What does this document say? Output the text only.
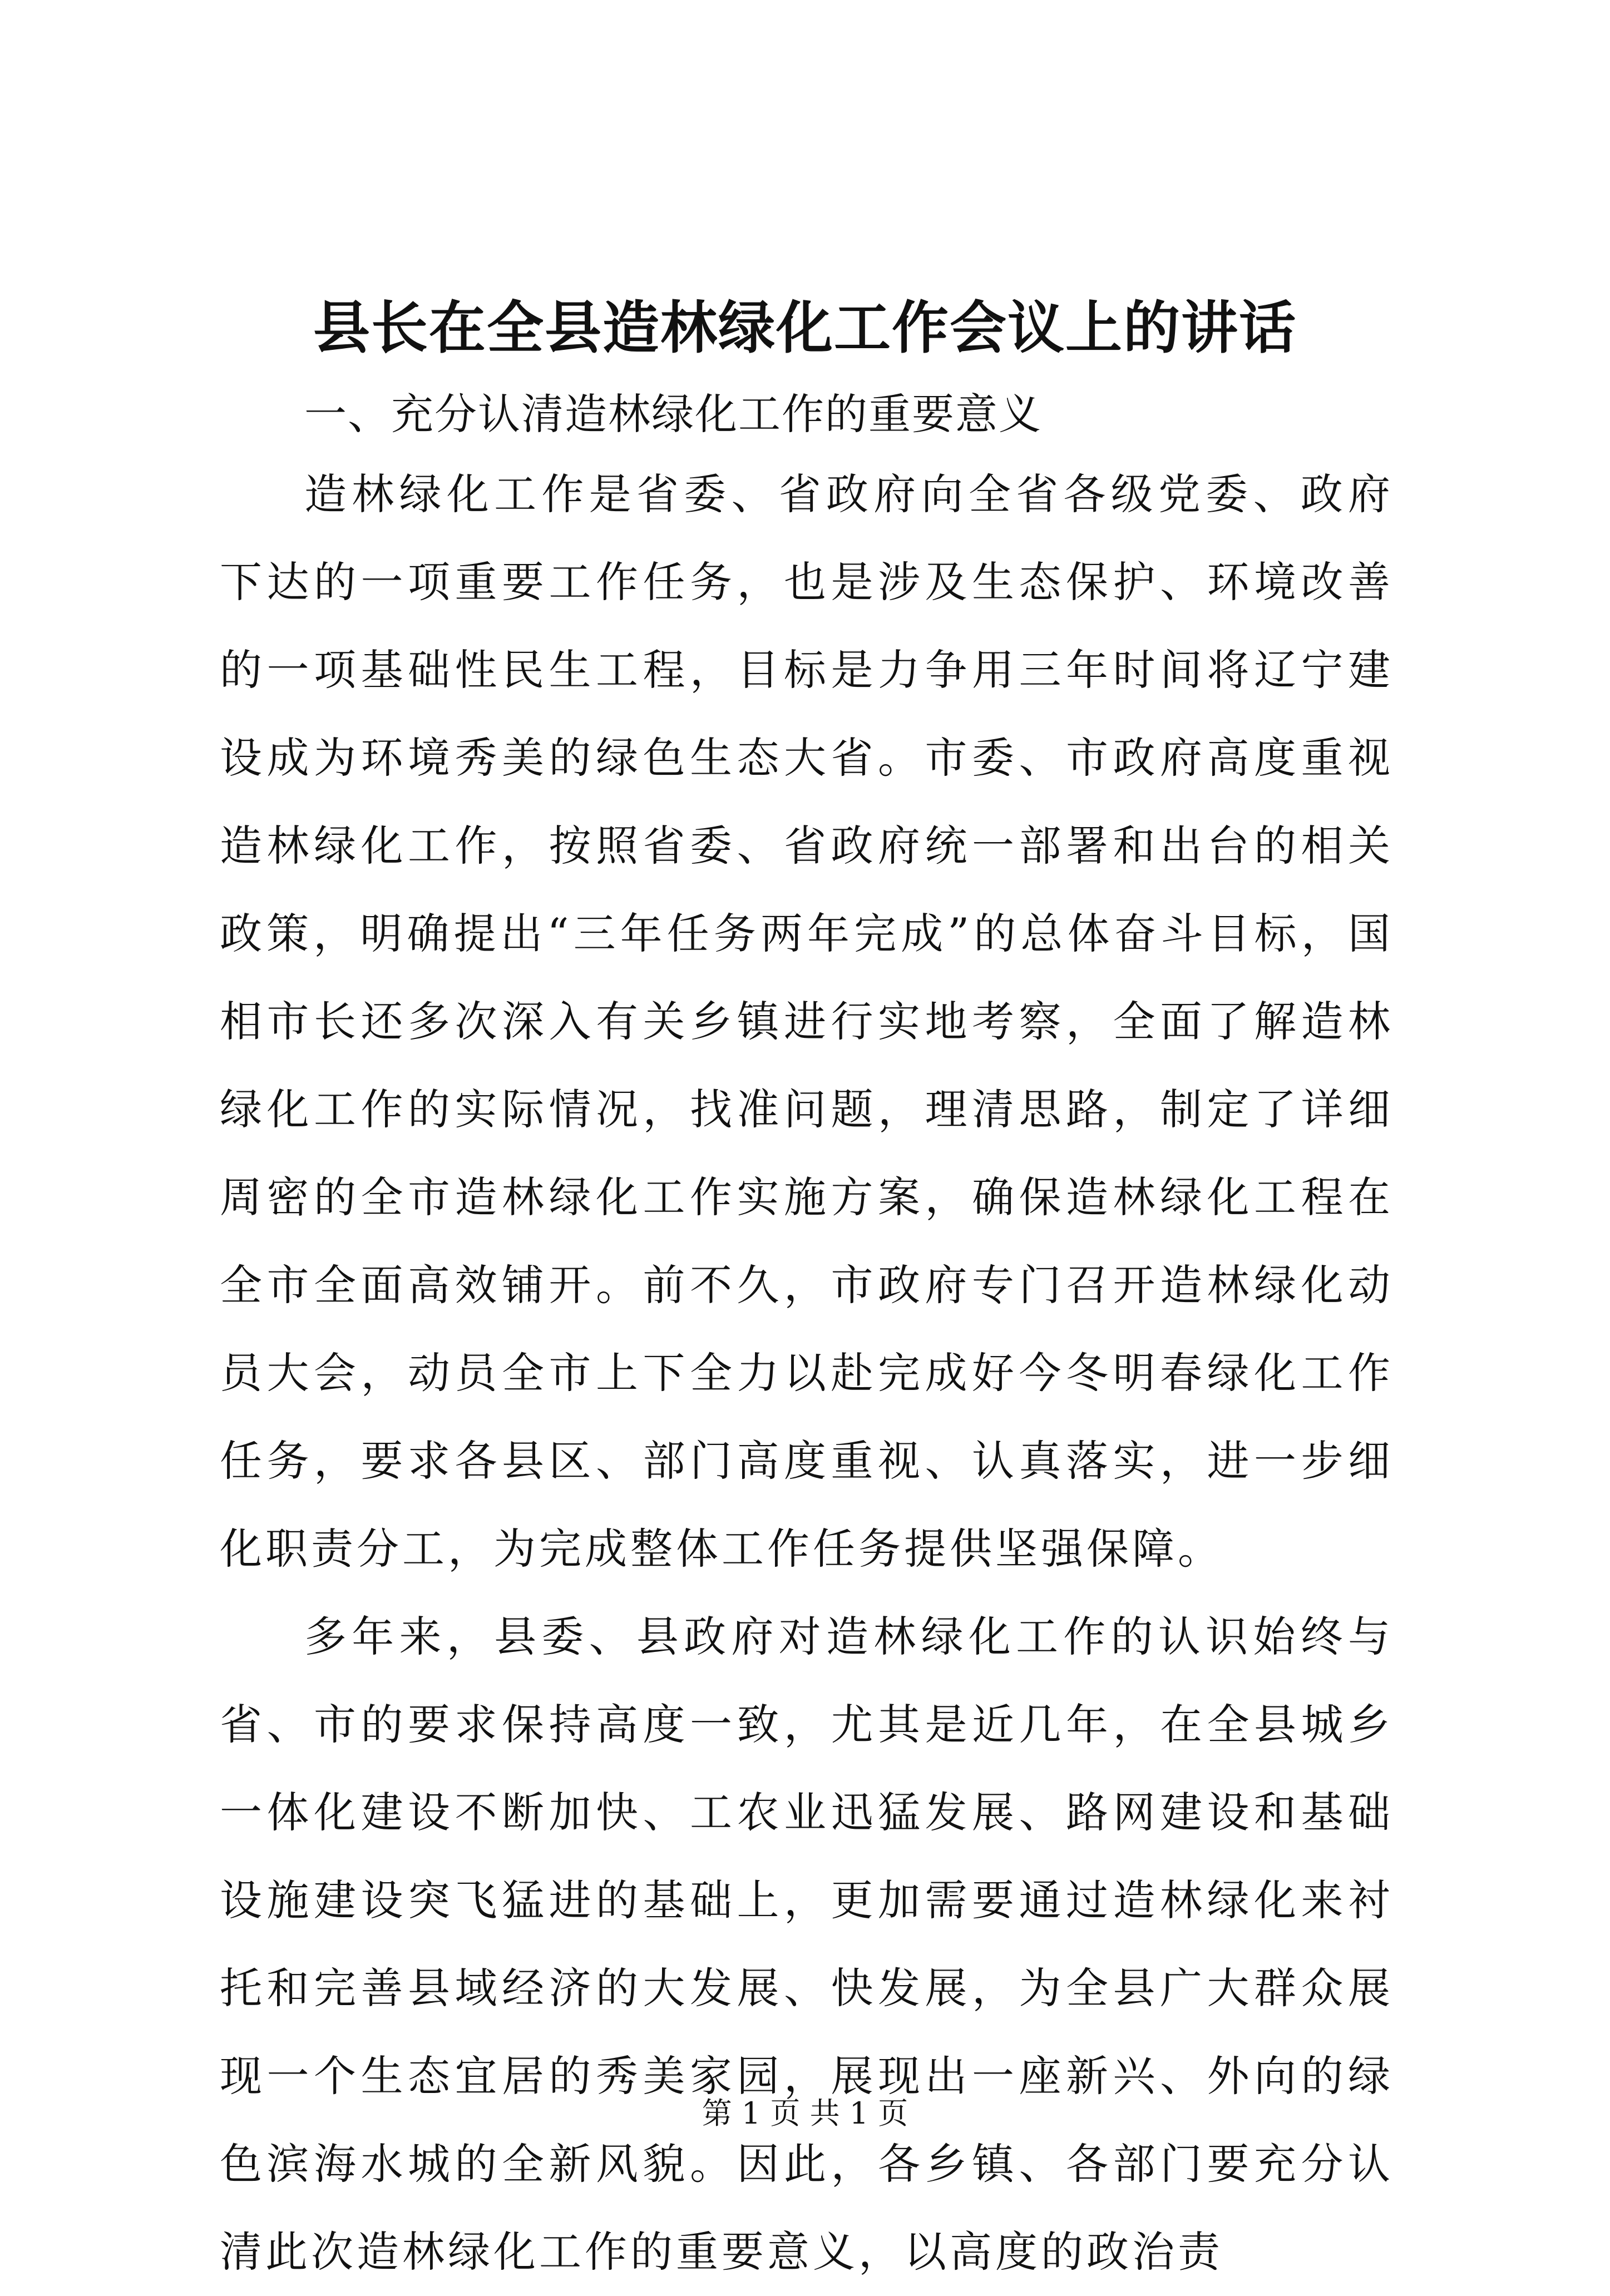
县长在全县造林绿化工作会议上的讲话

一、充分认清造林绿化工作的重要意义

造林绿化工作是省委、省政府向全省各级党委、政府下达的一项重要工作任务，也是涉及生态保护、环境改善的一项基础性民生工程，目标是力争用三年时间将辽宁建设成为环境秀美的绿色生态大省。市委、市政府高度重视造林绿化工作，按照省委、省政府统一部署和出台的相关政策，明确提出“三年任务两年完成”的总体奋斗目标，国相市长还多次深入有关乡镇进行实地考察，全面了解造林绿化工作的实际情况，找准问题，理清思路，制定了详细周密的全市造林绿化工作实施方案，确保造林绿化工程在全市全面高效铺开。前不久，市政府专门召开造林绿化动员大会，动员全市上下全力以赴完成好今冬明春绿化工作任务，要求各县区、部门高度重视、认真落实，进一步细化职责分工，为完成整体工作任务提供坚强保障。

多年来，县委、县政府对造林绿化工作的认识始终与省、市的要求保持高度一致，尤其是近几年，在全县城乡一体化建设不断加快、工农业迅猛发展、路网建设和基础设施建设突飞猛进的基础上，更加需要通过造林绿化来衬托和完善县域经济的大发展、快发展，为全县广大群众展现一个生态宜居的秀美家园，展现出一座新兴、外向的绿色滨海水城的全新风貌。因此，各乡镇、各部门要充分认清此次造林绿化工作的重要意义，以高度的政治责

第 1 页 共 1 页
